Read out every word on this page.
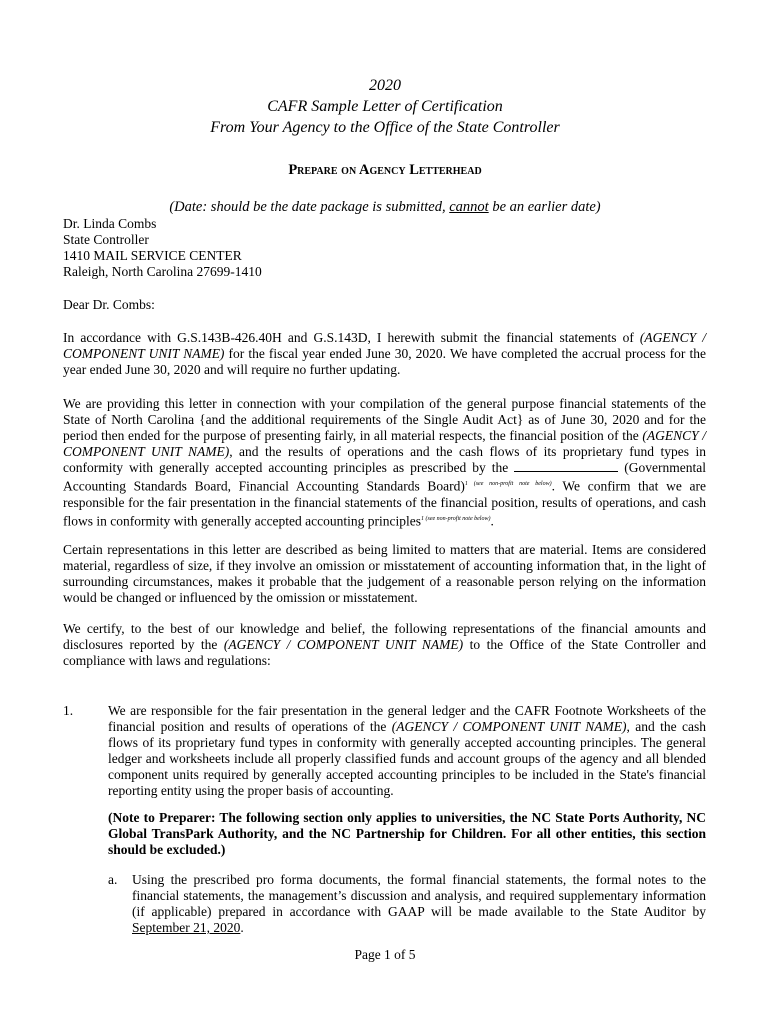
2020
CAFR Sample Letter of Certification
From Your Agency to the Office of the State Controller
Prepare on Agency Letterhead
(Date: should be the date package is submitted, cannot be an earlier date)
Dr. Linda Combs
State Controller
1410 MAIL SERVICE CENTER
Raleigh, North Carolina 27699-1410
Dear Dr. Combs:
In accordance with G.S.143B-426.40H and G.S.143D, I herewith submit the financial statements of (AGENCY / COMPONENT UNIT NAME) for the fiscal year ended June 30, 2020. We have completed the accrual process for the year ended June 30, 2020 and will require no further updating.
We are providing this letter in connection with your compilation of the general purpose financial statements of the State of North Carolina {and the additional requirements of the Single Audit Act} as of June 30, 2020 and for the period then ended for the purpose of presenting fairly, in all material respects, the financial position of the (AGENCY / COMPONENT UNIT NAME), and the results of operations and the cash flows of its proprietary fund types in conformity with generally accepted accounting principles as prescribed by the	(Governmental Accounting Standards Board, Financial Accounting Standards Board)$^{1 (see non-profit note below)}$. We confirm that we are responsible for the fair presentation in the financial statements of the financial position, results of operations, and cash flows in conformity with generally accepted accounting principles$^{1 (see non-profit note below)}$.
Certain representations in this letter are described as being limited to matters that are material. Items are considered material, regardless of size, if they involve an omission or misstatement of accounting information that, in the light of surrounding circumstances, makes it probable that the judgement of a reasonable person relying on the information would be changed or influenced by the omission or misstatement.
We certify, to the best of our knowledge and belief, the following representations of the financial amounts and disclosures reported by the (AGENCY / COMPONENT UNIT NAME) to the Office of the State Controller and compliance with laws and regulations:
1.	We are responsible for the fair presentation in the general ledger and the CAFR Footnote Worksheets of the financial position and results of operations of the (AGENCY / COMPONENT UNIT NAME), and the cash flows of its proprietary fund types in conformity with generally accepted accounting principles. The general ledger and worksheets include all properly classified funds and account groups of the agency and all blended component units required by generally accepted accounting principles to be included in the State's financial reporting entity using the proper basis of accounting.
(Note to Preparer: The following section only applies to universities, the NC State Ports Authority, NC Global TransPark Authority, and the NC Partnership for Children. For all other entities, this section should be excluded.)
a. Using the prescribed pro forma documents, the formal financial statements, the formal notes to the financial statements, the management’s discussion and analysis, and required supplementary information (if applicable) prepared in accordance with GAAP will be made available to the State Auditor by September 21, 2020.
Page 1 of 5
